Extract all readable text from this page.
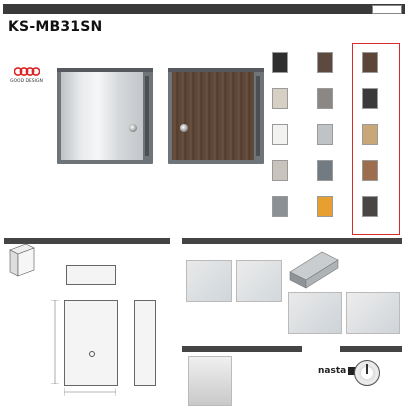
KS-MB31SN
GOOD DESIGN
nasta
